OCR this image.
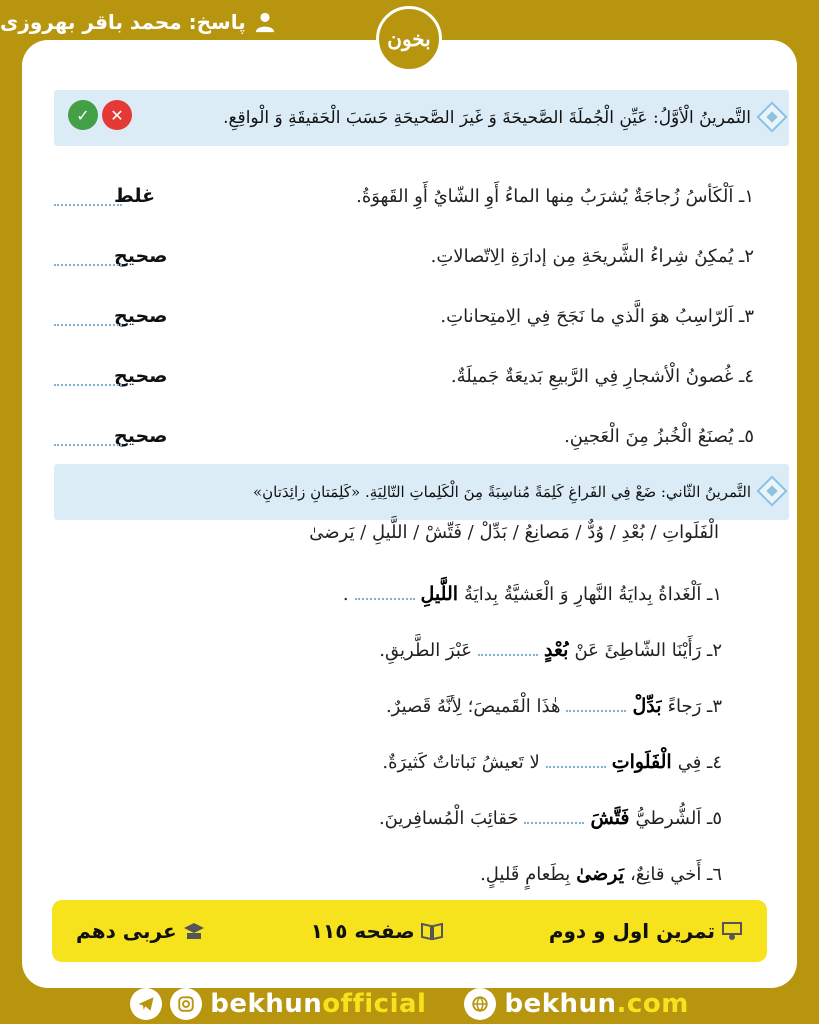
پاسخ: محمد باقر بهروزی
بخون
التَّمرينُ الْأوَّلُ: عَيِّنِ الْجُملَةَ الصَّحيحَةَ وَ غَيرَ الصَّحيحَةِ حَسَبَ الْحَقيقَةِ وَ الْواقِعِ.
✕
✓
١ـ اَلْكَأسُ زُجاجَةٌ يُشرَبُ مِنها الماءُ أَوِ الشّايُ أَوِ القَهوَةُ.
غلط
٢ـ يُمكِنُ شِراءُ الشَّريحَةِ مِن إدارَةِ الِاتّصالاتِ.
صحیح
٣ـ اَلرّاسِبُ هوَ الَّذي ما نَجَحَ فِي الِامتِحاناتِ.
صحیح
٤ـ غُصونُ الْأشجارِ فِي الرَّبيعِ بَديعَةٌ جَميلَةٌ.
صحیح
٥ـ يُصنَعُ الْخُبزُ مِنَ الْعَجينِ.
صحیح
التَّمرينُ الثّاني: ضَعْ فِي الفَراغِ كَلِمَةً مُناسِبَةً مِنَ الْكَلِماتِ التّالِيَةِ. «كَلِمَتانِ زائِدَتانِ»
الْفَلَواتِ / بُعْدِ / وُدٌّ / مَصانِعُ / بَدِّلْ / فَتِّشْ / اللَّيلِ / يَرضىٰ
١ـ اَلْغَداةُ بِدايَةُ النَّهارِ وَ الْعَشيَّةُ بِدايَةُ
اللَّيلِ
.
٢ـ رَأَيْنَا الشّاطِئَ عَنْ
بُعْدٍ
عَبْرَ الطَّريقِ.
٣ـ رَجاءً
بَدِّلْ
هٰذَا الْقَميصَ؛ لِأنَّهُ قَصيرٌ.
٤ـ فِي
الْفَلَواتِ
لا تَعيشُ نَباتاتٌ كَثيرَةٌ.
٥ـ اَلشُّرطيُّ
فَتَّشَ
حَقائِبَ الْمُسافِرينَ.
٦ـ أَخي قانِعٌ،
يَرضىٰ
بِطَعامٍ قَليلٍ.
تمرین اول و دوم
صفحه ١١٥
عربی دهم
bekhunofficial	bekhun.com
